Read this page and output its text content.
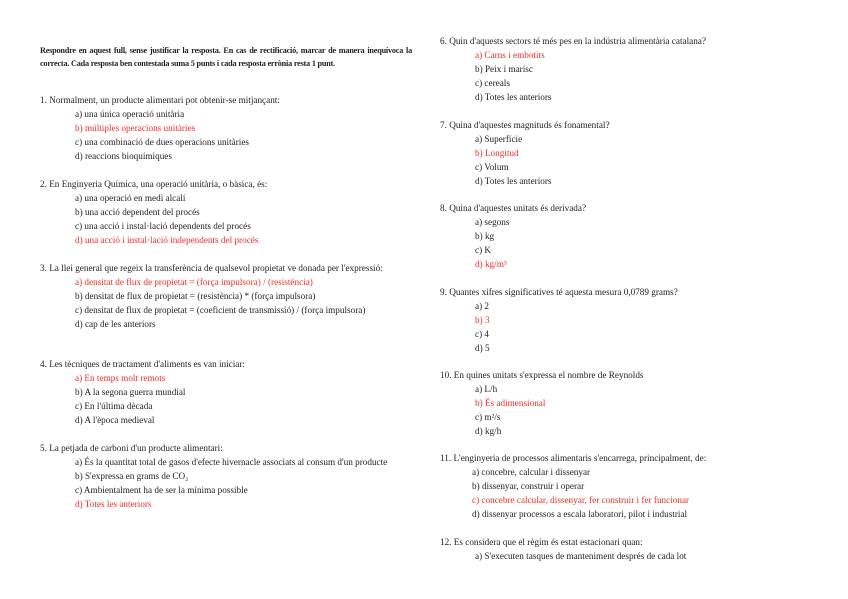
Respondre en aquest full, sense justificar la resposta. En cas de rectificació, marcar de manera inequívoca la correcta. Cada resposta ben contestada suma 5 punts i cada resposta errònia resta 1 punt.
1. Normalment, un producte alimentari pot obtenir-se mitjançant:
a) una única operació unitària
b) múltiples operacions unitàries
c) una combinació de dues operacions unitàries
d) reaccions bioquímiques
2. En Enginyeria Química, una operació unitària, o bàsica, és:
a) una operació en medi alcalí
b) una acció dependent del procés
c) una acció i instal·lació dependents del procés
d) una acció i instal·lació independents del procés
3. La llei general que regeix la transferència de qualsevol propietat ve donada per l'expressió:
a) densitat de flux de propietat = (força impulsora) / (resistència)
b) densitat de flux de propietat = (resistència) * (força impulsora)
c) densitat de flux de propietat = (coeficient de transmissió) / (força impulsora)
d) cap de les anteriors
4. Les tècniques de tractament d'aliments es van iniciar:
a) En temps molt remots
b) A la segona guerra mundial
c) En l'última dècada
d) A l'època medieval
5. La petjada de carboni d'un producte alimentari:
a) És la quantitat total de gasos d'efecte hivernacle associats al consum d'un producte
b) S'expressa en grams de CO₂
c) Ambientalment ha de ser la mínima possible
d) Totes les anteriors
6. Quin d'aquests sectors té més pes en la indústria alimentària catalana?
a) Carns i embotits
b) Peix i marisc
c) cereals
d) Totes les anteriors
7. Quina d'aquestes magnituds és fonamental?
a) Superfície
b) Longitud
c) Volum
d) Totes les anteriors
8. Quina d'aquestes unitats és derivada?
a) segons
b) kg
c) K
d) kg/m³
9. Quantes xifres significatives té aquesta mesura 0,0789 grams?
a) 2
b) 3
c) 4
d) 5
10. En quines unitats s'expressa el nombre de Reynolds
a) L/h
b) És adimensional
c) m²/s
d) kg/h
11. L'enginyeria de processos alimentaris s'encarrega, principalment, de:
a) concebre, calcular i dissenyar
b) dissenyar, construir i operar
c) concebre calcular, dissenyar, fer construir i fer funcionar
d) dissenyar processos a escala laboratori, pilot i industrial
12. Es considera que el règim és estat estacionari quan:
a) S'executen tasques de manteniment després de cada lot
